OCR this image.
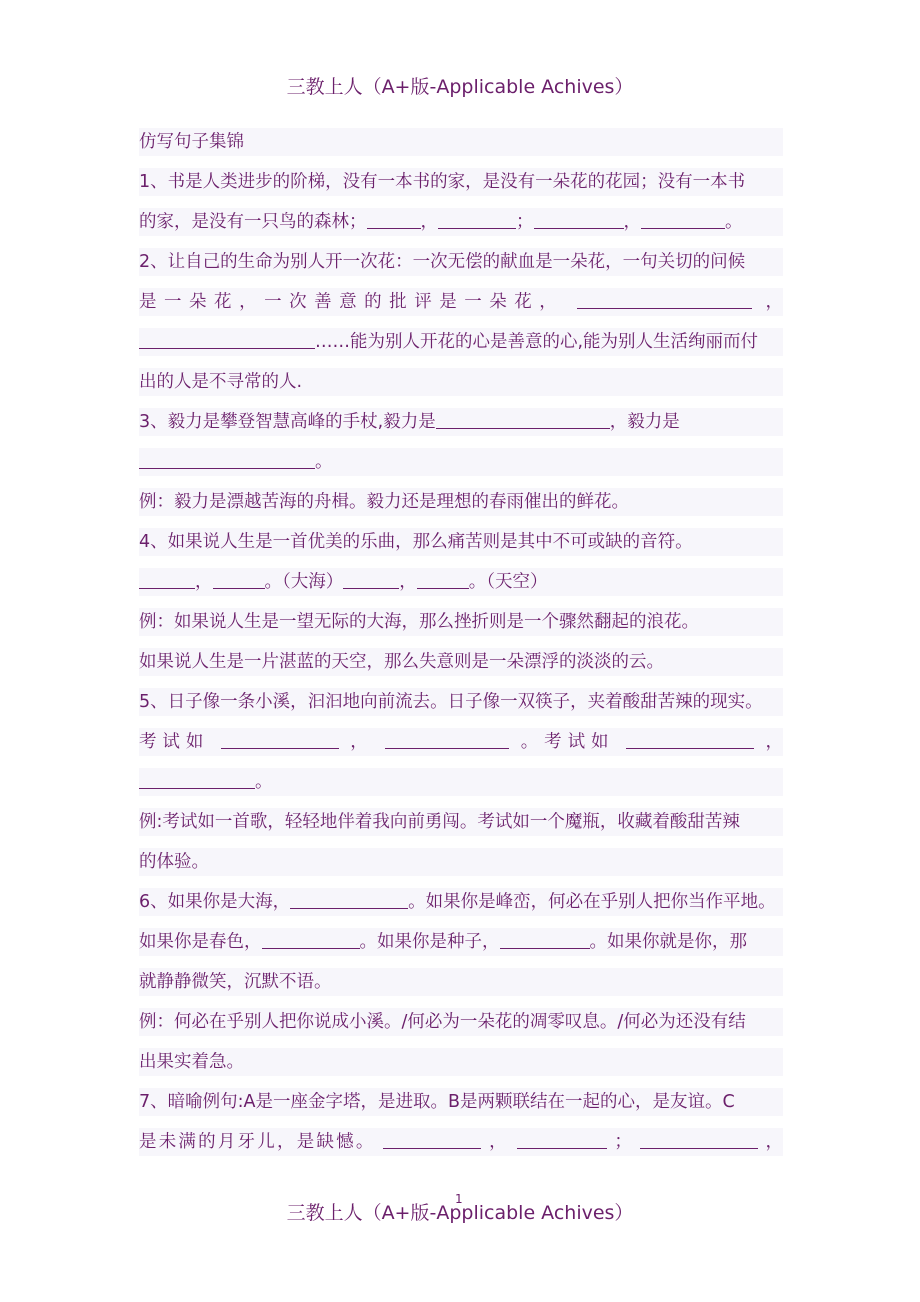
三教上人（A+版-Applicable Achives）
仿写句子集锦
1、书是人类进步的阶梯，没有一本书的家，是没有一朵花的花园；没有一本书
的家，是没有一只鸟的森林；	，	；	，	。
2、让自己的生命为别人开一次花：一次无偿的献血是一朵花，一句关切的问候
是一朵花，一次善意的批评是一朵花，	，
……能为别人开花的心是善意的心,能为别人生活绚丽而付
出的人是不寻常的人.
3、毅力是攀登智慧高峰的手杖,毅力是	，毅力是
。
例：毅力是漂越苦海的舟楫。毅力还是理想的春雨催出的鲜花。
4、如果说人生是一首优美的乐曲，那么痛苦则是其中不可或缺的音符。
，	。（大海）	，	。（天空）
例：如果说人生是一望无际的大海，那么挫折则是一个骤然翻起的浪花。
如果说人生是一片湛蓝的天空，那么失意则是一朵漂浮的淡淡的云。
5、日子像一条小溪，汩汩地向前流去。日子像一双筷子，夹着酸甜苦辣的现实。
考试如	，	。考试如	，
。
例:考试如一首歌，轻轻地伴着我向前勇闯。考试如一个魔瓶，收藏着酸甜苦辣
的体验。
6、如果你是大海，	。如果你是峰峦，何必在乎别人把你当作平地。
如果你是春色，	。如果你是种子，	。如果你就是你，那
就静静微笑，沉默不语。
例：何必在乎别人把你说成小溪。/何必为一朵花的凋零叹息。/何必为还没有结
出果实着急。
7、暗喻例句:A是一座金字塔，是进取。B是两颗联结在一起的心，是友谊。C
是未满的月牙儿，是缺憾。	，	；	，
1
三教上人（A+版-Applicable Achives）
